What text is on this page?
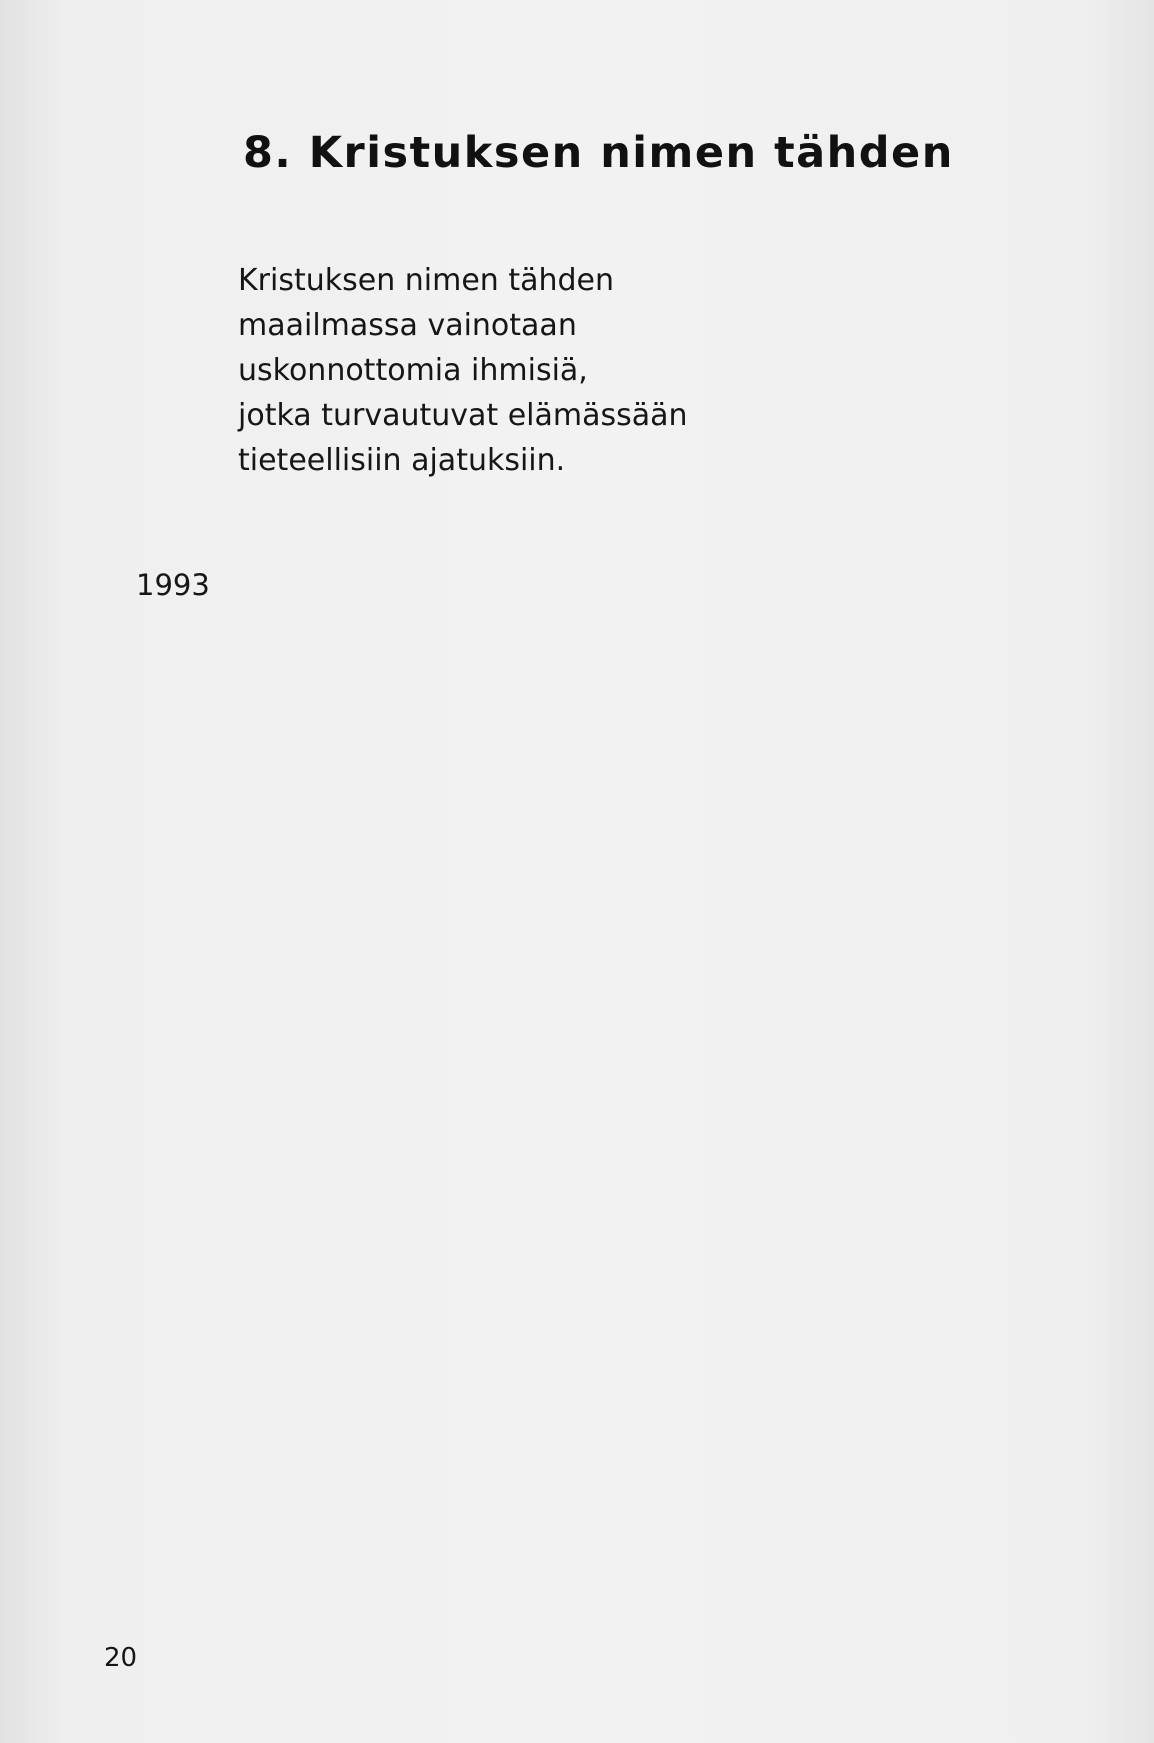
8. Kristuksen nimen tähden
Kristuksen nimen tähden
maailmassa vainotaan
uskonnottomia ihmisiä,
jotka turvautuvat elämässään
tieteellisiin ajatuksiin.
1993
20
